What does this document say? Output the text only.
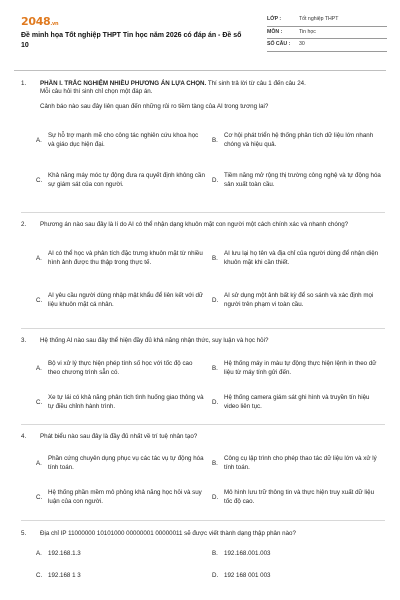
2048.vn
Đề minh họa Tốt nghiệp THPT Tin học năm 2026 có đáp án - Đề số 10
LỚP :	Tốt nghiệp THPT
MÔN :	Tin học
SỐ CÂU :	30
1.	PHẦN I. TRẮC NGHIỆM NHIỀU PHƯƠNG ÁN LỰA CHỌN. Thí sinh trả lời từ câu 1 đến câu 24.
Mỗi câu hỏi thí sinh chỉ chọn một đáp án.
Cảnh báo nào sau đây liên quan đến những rủi ro tiềm tàng của AI trong tương lai?
A.
Sự hỗ trợ mạnh mẽ cho công tác nghiên cứu khoa học và giáo dục hiện đại.
B.
Cơ hội phát triển hệ thống phân tích dữ liệu lớn nhanh chóng và hiệu quả.
C.
Khả năng máy móc tự động đưa ra quyết định không cần sự giám sát của con người.
D.
Tiềm năng mở rộng thị trường công nghệ và tự động hóa sản xuất toàn cầu.
2.	Phương án nào sau đây là lí do AI có thể nhận dạng khuôn mặt con người một cách chính xác và nhanh chóng?
A.
AI có thể học và phân tích đặc trưng khuôn mặt từ nhiều hình ảnh được thu thập trong thực tế.
B.
AI lưu lại họ tên và địa chỉ của người dùng để nhận diện khuôn mặt khi cần thiết.
C.
AI yêu cầu người dùng nhập mật khẩu để liên kết với dữ liệu khuôn mặt cá nhân.
D.
AI sử dụng một ảnh bất kỳ để so sánh và xác định mọi người trên phạm vi toàn cầu.
3.	Hệ thống AI nào sau đây thể hiện đầy đủ khả năng nhận thức, suy luận và học hỏi?
A.
Bộ vi xử lý thực hiện phép tính số học với tốc độ cao theo chương trình sẵn có.
B.
Hệ thống máy in màu tự động thực hiện lệnh in theo dữ liệu từ máy tính gửi đến.
C.
Xe tự lái có khả năng phân tích tình huống giao thông và tự điều chỉnh hành trình.
D.
Hệ thống camera giám sát ghi hình và truyền tín hiệu video liên tục.
4.	Phát biểu nào sau đây là đầy đủ nhất về trí tuệ nhân tạo?
A.
Phần cứng chuyên dụng phục vụ các tác vụ tự động hóa tính toán.
B.
Công cụ lập trình cho phép thao tác dữ liệu lớn và xử lý tính toán.
C.
Hệ thống phần mềm mô phỏng khả năng học hỏi và suy luận của con người.
D.
Mô hình lưu trữ thông tin và thực hiện truy xuất dữ liệu tốc độ cao.
5.	Địa chỉ IP 11000000 10101000 00000001 00000011 sẽ được viết thành dạng thập phân nào?
A. 192.168.1.3	B. 192.168.001.003
C. 192.168 1 3	D. 192 168 001 003
